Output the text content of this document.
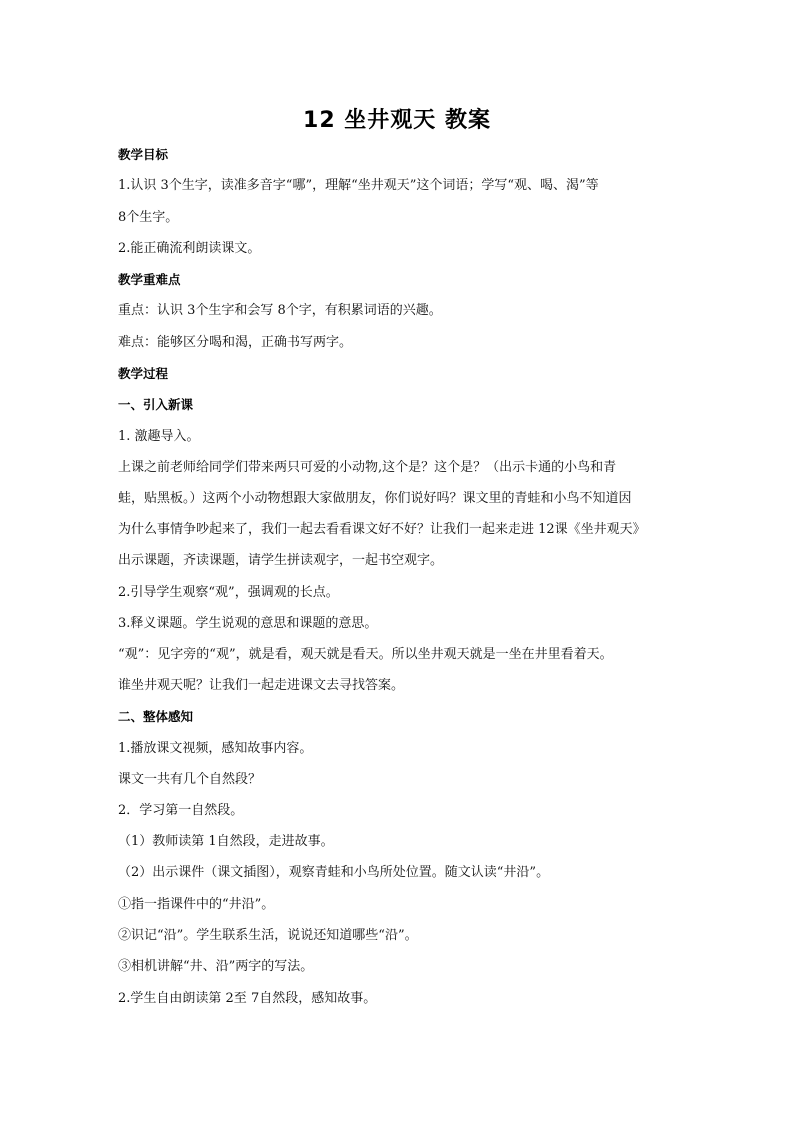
12 坐井观天 教案
教学目标
1.认识 3个生字，读准多音字“哪”，理解“坐井观天”这个词语；学写“观、喝、渴”等
8个生字。
2.能正确流利朗读课文。
教学重难点
重点：认识 3个生字和会写 8个字，有积累词语的兴趣。
难点：能够区分喝和渴，正确书写两字。
教学过程
一、引入新课
1. 激趣导入。
上课之前老师给同学们带来两只可爱的小动物,这个是？这个是？（出示卡通的小鸟和青
蛙，贴黑板。）这两个小动物想跟大家做朋友，你们说好吗？课文里的青蛙和小鸟不知道因
为什么事情争吵起来了，我们一起去看看课文好不好？让我们一起来走进 12课《坐井观天》
出示课题，齐读课题，请学生拼读观字，一起书空观字。
2.引导学生观察“观”，强调观的长点。
3.释义课题。学生说观的意思和课题的意思。
“观”：见字旁的“观”，就是看，观天就是看天。所以坐井观天就是一坐在井里看着天。
谁坐井观天呢？让我们一起走进课文去寻找答案。
二、整体感知
1.播放课文视频，感知故事内容。
课文一共有几个自然段？
2．学习第一自然段。
（1）教师读第 1自然段，走进故事。
（2）出示课件（课文插图），观察青蛙和小鸟所处位置。随文认读“井沿”。
①指一指课件中的“井沿”。
②识记“沿”。学生联系生活，说说还知道哪些“沿”。
③相机讲解“井、沿”两字的写法。
2.学生自由朗读第 2至 7自然段，感知故事。
